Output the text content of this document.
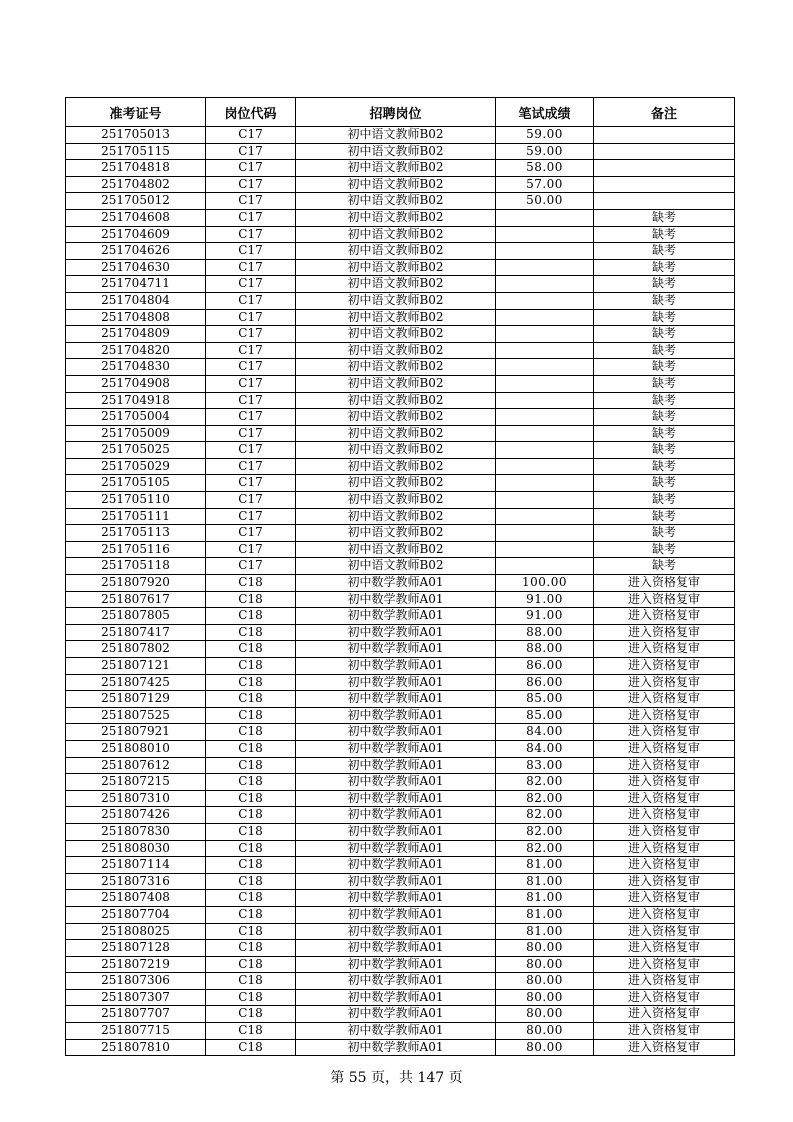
准考证号	岗位代码	招聘岗位	笔试成绩	备注
251705013	C17	初中语文教师B02	59.00	
251705115	C17	初中语文教师B02	59.00	
251704818	C17	初中语文教师B02	58.00	
251704802	C17	初中语文教师B02	57.00	
251705012	C17	初中语文教师B02	50.00	
251704608	C17	初中语文教师B02		缺考
251704609	C17	初中语文教师B02		缺考
251704626	C17	初中语文教师B02		缺考
251704630	C17	初中语文教师B02		缺考
251704711	C17	初中语文教师B02		缺考
251704804	C17	初中语文教师B02		缺考
251704808	C17	初中语文教师B02		缺考
251704809	C17	初中语文教师B02		缺考
251704820	C17	初中语文教师B02		缺考
251704830	C17	初中语文教师B02		缺考
251704908	C17	初中语文教师B02		缺考
251704918	C17	初中语文教师B02		缺考
251705004	C17	初中语文教师B02		缺考
251705009	C17	初中语文教师B02		缺考
251705025	C17	初中语文教师B02		缺考
251705029	C17	初中语文教师B02		缺考
251705105	C17	初中语文教师B02		缺考
251705110	C17	初中语文教师B02		缺考
251705111	C17	初中语文教师B02		缺考
251705113	C17	初中语文教师B02		缺考
251705116	C17	初中语文教师B02		缺考
251705118	C17	初中语文教师B02		缺考
251807920	C18	初中数学教师A01	100.00	进入资格复审
251807617	C18	初中数学教师A01	91.00	进入资格复审
251807805	C18	初中数学教师A01	91.00	进入资格复审
251807417	C18	初中数学教师A01	88.00	进入资格复审
251807802	C18	初中数学教师A01	88.00	进入资格复审
251807121	C18	初中数学教师A01	86.00	进入资格复审
251807425	C18	初中数学教师A01	86.00	进入资格复审
251807129	C18	初中数学教师A01	85.00	进入资格复审
251807525	C18	初中数学教师A01	85.00	进入资格复审
251807921	C18	初中数学教师A01	84.00	进入资格复审
251808010	C18	初中数学教师A01	84.00	进入资格复审
251807612	C18	初中数学教师A01	83.00	进入资格复审
251807215	C18	初中数学教师A01	82.00	进入资格复审
251807310	C18	初中数学教师A01	82.00	进入资格复审
251807426	C18	初中数学教师A01	82.00	进入资格复审
251807830	C18	初中数学教师A01	82.00	进入资格复审
251808030	C18	初中数学教师A01	82.00	进入资格复审
251807114	C18	初中数学教师A01	81.00	进入资格复审
251807316	C18	初中数学教师A01	81.00	进入资格复审
251807408	C18	初中数学教师A01	81.00	进入资格复审
251807704	C18	初中数学教师A01	81.00	进入资格复审
251808025	C18	初中数学教师A01	81.00	进入资格复审
251807128	C18	初中数学教师A01	80.00	进入资格复审
251807219	C18	初中数学教师A01	80.00	进入资格复审
251807306	C18	初中数学教师A01	80.00	进入资格复审
251807307	C18	初中数学教师A01	80.00	进入资格复审
251807707	C18	初中数学教师A01	80.00	进入资格复审
251807715	C18	初中数学教师A01	80.00	进入资格复审
251807810	C18	初中数学教师A01	80.00	进入资格复审
第 55 页，共 147 页
